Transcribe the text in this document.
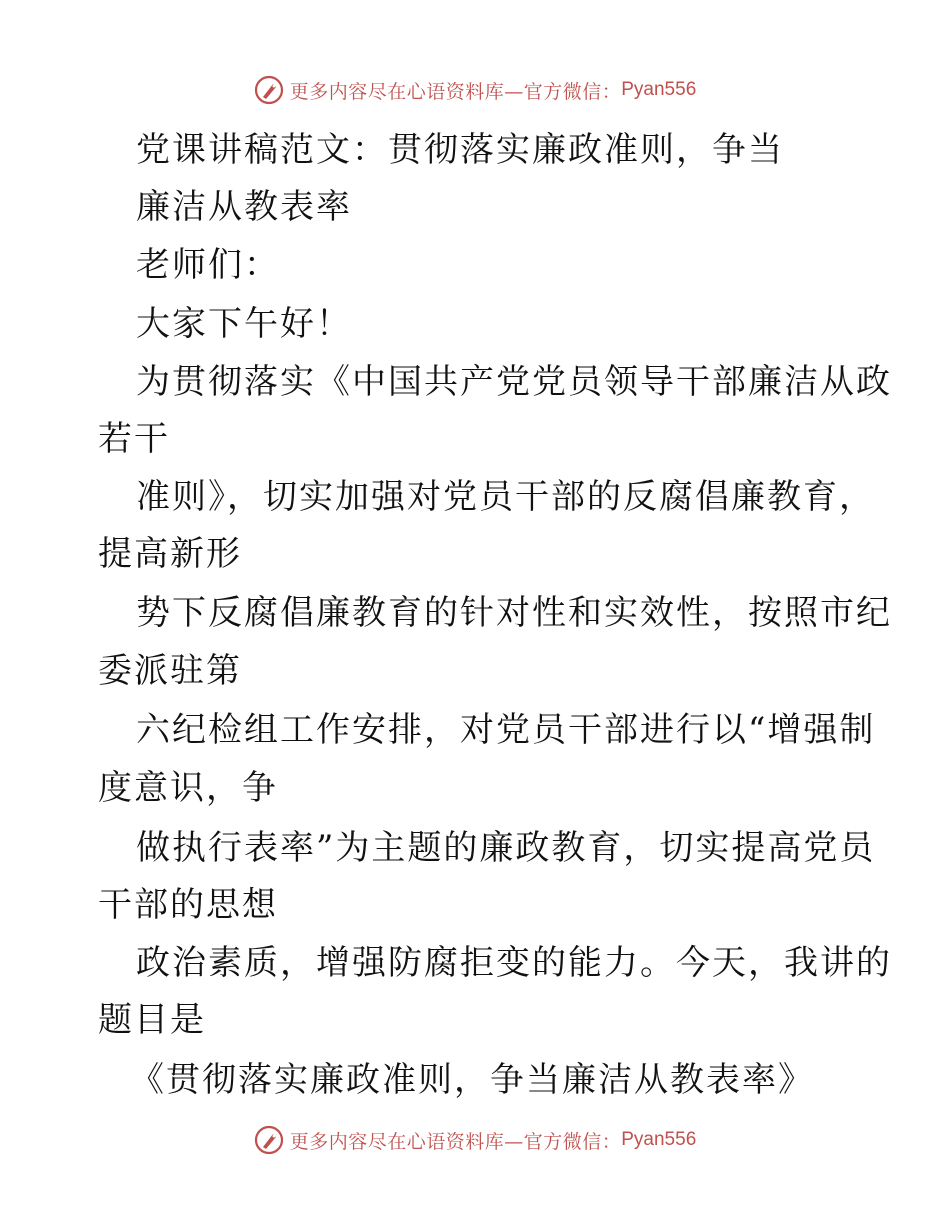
更多内容尽在心语资料库—官方微信： Pyan556
党课讲稿范文：贯彻落实廉政准则，争当
廉洁从教表率
老师们：
大家下午好！
为贯彻落实《中国共产党党员领导干部廉洁从政
若干
准则》，切实加强对党员干部的反腐倡廉教育，
提高新形
势下反腐倡廉教育的针对性和实效性，按照市纪
委派驻第
六纪检组工作安排，对党员干部进行以“增强制
度意识，争
做执行表率”为主题的廉政教育，切实提高党员
干部的思想
政治素质，增强防腐拒变的能力。今天，我讲的
题目是
《贯彻落实廉政准则，争当廉洁从教表率》
更多内容尽在心语资料库—官方微信： Pyan556
